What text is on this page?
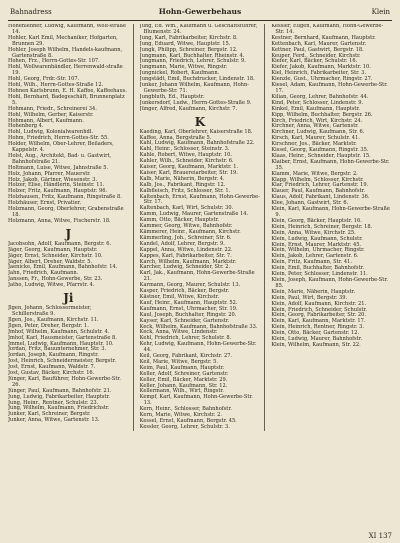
Bahnadress	Hohn-Gewerbehaus	Klein

Hohenlehner, Ludwig, Kaufmann, Wolf-straße 14.

Hohler, Karl Emil, Mechaniker, Hofgarten, Brunnen 29.

Hohler, Joseph Wilhelm, Handels-kaufmann, Gartenstraße 8.

Hohen, Frz., Herrn-Gottes-Str. 107.

Hohl, Wollwarenhändler, Herrenwald-straße 19.

Hohl, Georg, Frdr.-Str. 107.

Hohl, Wilh., Herrn-Gottes-Straße 12.

Hohnen Karlsbrunn, E. H. Kaffee, Kaffeehaus.

Hohl, Bernhard, Badegeschäft, Brunnenplatz 5.

Hohmann, Friedr., Schreinerei 34.

Hohl, Wilhelm, Gerber, Kaiserstr.

Hohmann, Albert, Kaufmann.

Hohenberg 4.

Hohl, Ludwig, Kolonialwarenhdl.

Hohm, Friedrich, Herrn-Gottes-Str. 55.

Holder, Wilhelm, Ober-Lehrer, Beiladers, Kappelstr. 4.

Holst, Aug., Architekt, Bad- u. Gastwirt, Bahnhofstraße 21.

Holtmann, Luise, Witwe, Jahnstraße 5.

Holz, Johann, Pfarrer, Mauerstr.

Holz, Jakob, Gärtner, Wiesenstr. 3.

Holzer, Elise, Händlerin, Steinstr. 11.

Holzer, Fritz, Kaufmann, Hauptstr. 96.

Holzhausen, Fritz, Kaufmann, Ringstraße 8.

Holzhäuser, Ernst, Privatier.

Holzmann, Georg, Oberlehrer, Grabenstraße 18.

Holzmann, Anna, Witwe, Fischerstr. 18.

J

Jacobsohn, Adolf, Kaufmann, Bergstr. 6.

Jäger, Georg, Kaufmann, Hauptstr.

Jäger, Ernst, Schneider, Kirchstr. 10.

Jäger, Albert, Dreher, Waldstr. 5.

Jaenicke, Emil, Kaufmann, Bahnhofstr. 14.

Jahn, Friedrich, Kaufmann.

Janssen, Fr., Hohn-Gewerbe, Str. 23.

Jatho, Ludwig, Witwe, Pfarrstr. 4.

Ji

Jlgen, Johann, Schlossermeister, Schillerstraße 9.

Jlgen, Jos., Kaufmann, Kirchstr. 11.

Jlgen, Peter, Dreher, Bergstr. 1.

Jmhof, Wilhelm, Kaufmann, Schulstr. 4.

Jmhof, Karl, Hausmeister, Gartenstraße 8.

Jmmel, Ludwig, Kaufmann, Hauptstr. 10.

Jordan, Fritz, Bauunternehmer, Str. 3.

Jordan, Joseph, Kaufmann, Ringstr.

Jost, Heinrich, Schneidermeister, Bergstr.

Jost, Ernst, Kaufmann, Waldstr. 7.

Jost, Gustav, Bäcker, Kirchstr. 16.

Jünger, Karl, Bauführer, Hohn-Gewerbe-Str. 26.

Jünger, Paul, Kaufmann, Bahnhofstr. 21.

Jung, Ludwig, Fabrikarbeiter, Hauptstr.

Jung, Heinr., Rentner, Schulstr. 23.

Jung, Wilhelm, Kaufmann, Friedrichstr.

Junker, Karl, Schreiner, Bergstr.

Junker, Anna, Witwe, Gartenstr. 13.

Jung, Ed. Wm., Kaufmann u. Geschäftsführer, Blumenstr. 24.

Jung, Karl, Fabrikarbeiter, Kirchstr. 8.

Jung, Eduard, Witwe, Hauptstr. 15.

Jungk, Philipp, Schreiner, Bergstr. 12.

Jungmann, Karl, Buchhalter, Rheinstr. 4.

Jungmann, Friedrich, Lehrer, Schulstr. 9.

Jungmann, Marie, Witwe, Ringstr.

Jungnickel, Robert, Kaufmann.

Jungstädt, Emil, Buchdrucker, Lindenstr. 18.

Junker, Johann Wilhelm, Kaufmann, Hohn-Gewerbe-Str. 71.

Jungbluth, Ed., Hauptstr.

Junkersdorf, Ludw., Herrn-Gottes-Straße 9.

Jünger, Alfred, Kaufmann, Kirchstr. 7.

K

Kaeding, Karl, Oberlehrer, Kaiserstraße 18.

Kaffee, Anna, Bergstraße 5.

Kahl, Ludwig, Kaufmann, Bahnhofstraße 22.

Kahl, Heinr., Schlosser, Steinstr. 3.

Kahle, Robert, Witwe, Hauptstr. 10.

Kahler, Wilh., Schneider, Kirchstr. 6.

Kaiser, Georg, Kaufmann, Marktstr. 1.

Kaiser, Karl, Brauereiarbeiter, Str. 19.

Kalb, Marie, Näherin, Bergstr. 4.

Kalb, Jos., Fabrikant, Ringstr. 12.

Kalbfleisch, Fritz, Schlosser, Str. 1.

Kaltenbach, Ernst, Kaufmann, Hohn-Gewerbe-Str. 17.

Kaltenbach, Karl, Wirt, Schulstr. 30.

Kamm, Ludwig, Maurer, Gartenstraße 14.

Kamm, Otto, Bäcker, Hauptstr.

Kammer, Georg, Witwe, Bahnhofstr.

Kämmerer, Heinr., Kaufmann, Kirchstr.

Kämmerling, Joh., Schreiner, Str. 6.

Kandel, Adolf, Lehrer, Bergstr. 9.

Kappel, Anna, Witwe, Lindenstr. 22.

Kappes, Karl, Fabrikarbeiter, Str. 7.

Karch, Wilhelm, Kaufmann, Marktstr.

Karcher, Ludwig, Schneider, Str. 2.

Karl, Jak., Kaufmann, Hohn-Gewerbe-Straße 21.

Karmann, Georg, Maurer, Schulstr. 13.

Kasper, Friedrich, Bäcker, Bergstr.

Kästner, Emil, Witwe, Kirchstr.

Kauf, Heinr., Kaufmann, Hauptstr. 52.

Kaufmann, Ernst, Uhrmacher, Str. 19.

Kaul, Joseph, Buchhalter, Ringstr. 20.

Kayser, Karl, Schneider, Gartenstr.

Keck, Wilhelm, Kaufmann, Bahnhofstraße 33.

Keck, Anna, Witwe, Lindenstr.

Kehl, Friedrich, Lehrer, Schulstr. 8.

Kehr, Ludwig, Kaufmann, Hohn-Gewerbe-Str. 44.

Keil, Georg, Fabrikant, Kirchstr. 27.

Keil, Marie, Witwe, Bergstr. 5.

Keim, Paul, Kaufmann, Hauptstr.

Keller, Adolf, Schreiner, Gartenstr.

Keller, Emil, Bäcker, Marktstr. 29.

Keller, Johann, Kaufmann, Str. 12.

Kellermann, Wilh., Wirt, Ringstr.

Kempf, Karl, Kaufmann, Hohn-Gewerbe-Str. 13.

Kern, Heinr., Schlosser, Bahnhofstr.

Kern, Marie, Witwe, Kirchstr. 2.

Kessel, Ernst, Kaufmann, Bergstr. 45.

Kessler, Georg, Lehrer, Schulstr. 3.

Kessler, Eugen, Kaufmann, Hohn-Gewerbe-Str. 14.

Kestner, Bernhard, Kaufmann, Hauptstr.

Kettenbach, Karl, Maurer, Gartenstr.

Kettner, Paul, Gastwirt, Bergstr. 18.

Keuper, Ferd., Schneider, Kirchstr.

Kiefer, Karl, Bäcker, Schulstr. 16.

Kiefer, Jakob, Kaufmann, Marktstr. 10.

Kiel, Heinrich, Fabrikarbeiter, Str. 3.

Kienzle, Gust., Uhrmacher, Ringstr. 27.

Kiesel, Adam, Kaufmann, Hohn-Gewerbe-Str. 17.

Kilian, Georg, Lehrer, Bahnhofstr. 44.

Kind, Peter, Schlosser, Lindenstr. 9.

Kinkel, Emil, Kaufmann, Hauptstr.

Kipp, Wilhelm, Buchhalter, Bergstr. 26.

Kirch, Friedrich, Wirt, Kirchstr. 24.

Kirchner, Anna, Witwe, Gartenstr.

Kirchner, Ludwig, Kaufmann, Str. 6.

Kirsch, Karl, Maurer, Schulstr. 41.

Kirschner, Jos., Bäcker, Marktstr.

Kissel, Georg, Kaufmann, Ringstr. 35.

Klaas, Heinr., Schneider, Hauptstr. 15.

Klaiber, Ernst, Kaufmann, Hohn-Gewerbe-Str. 35.

Klamm, Marie, Witwe, Bergstr. 2.

Klapp, Wilhelm, Schlosser, Kirchstr.

Klar, Friedrich, Lehrer, Gartenstr. 19.

Klauer, Paul, Kaufmann, Bahnhofstr.

Klaus, Adolf, Fabrikant, Lindenstr. 36.

Klee, Johann, Gastwirt, Str. 6.

Klein, Karl, Kaufmann, Hohn-Gewerbe-Straße 9.

Klein, Georg, Bäcker, Hauptstr. 16.

Klein, Heinrich, Schreiner, Bergstr. 18.

Klein, Anna, Witwe, Kirchstr. 25.

Klein, Ludwig, Kaufmann, Schulstr.

Klein, Ernst, Maurer, Marktstr. 45.

Klein, Wilhelm, Uhrmacher, Ringstr.

Klein, Jakob, Lehrer, Gartenstr. 6.

Klein, Fritz, Kaufmann, Str. 41.

Klein, Emil, Buchhalter, Bahnhofstr.

Klein, Peter, Schlosser, Lindenstr. 11.

Klein, Joseph, Kaufmann, Hohn-Gewerbe-Str. 85.

Klein, Marie, Näherin, Hauptstr.

Klein, Paul, Wirt, Bergstr. 39.

Klein, Adolf, Kaufmann, Kirchstr. 21.

Klein, Friedrich, Schneider, Schulstr.

Klein, Georg, Fabrikarbeiter, Str. 20.

Klein, Karl, Kaufmann, Marktstr. 17.

Klein, Heinrich, Rentner, Ringstr. 3.

Klein, Otto, Bäcker, Gartenstr. 12.

Klein, Ludwig, Maurer, Bahnhofstr.

Klein, Wilhelm, Kaufmann, Str. 22.

XI 137
